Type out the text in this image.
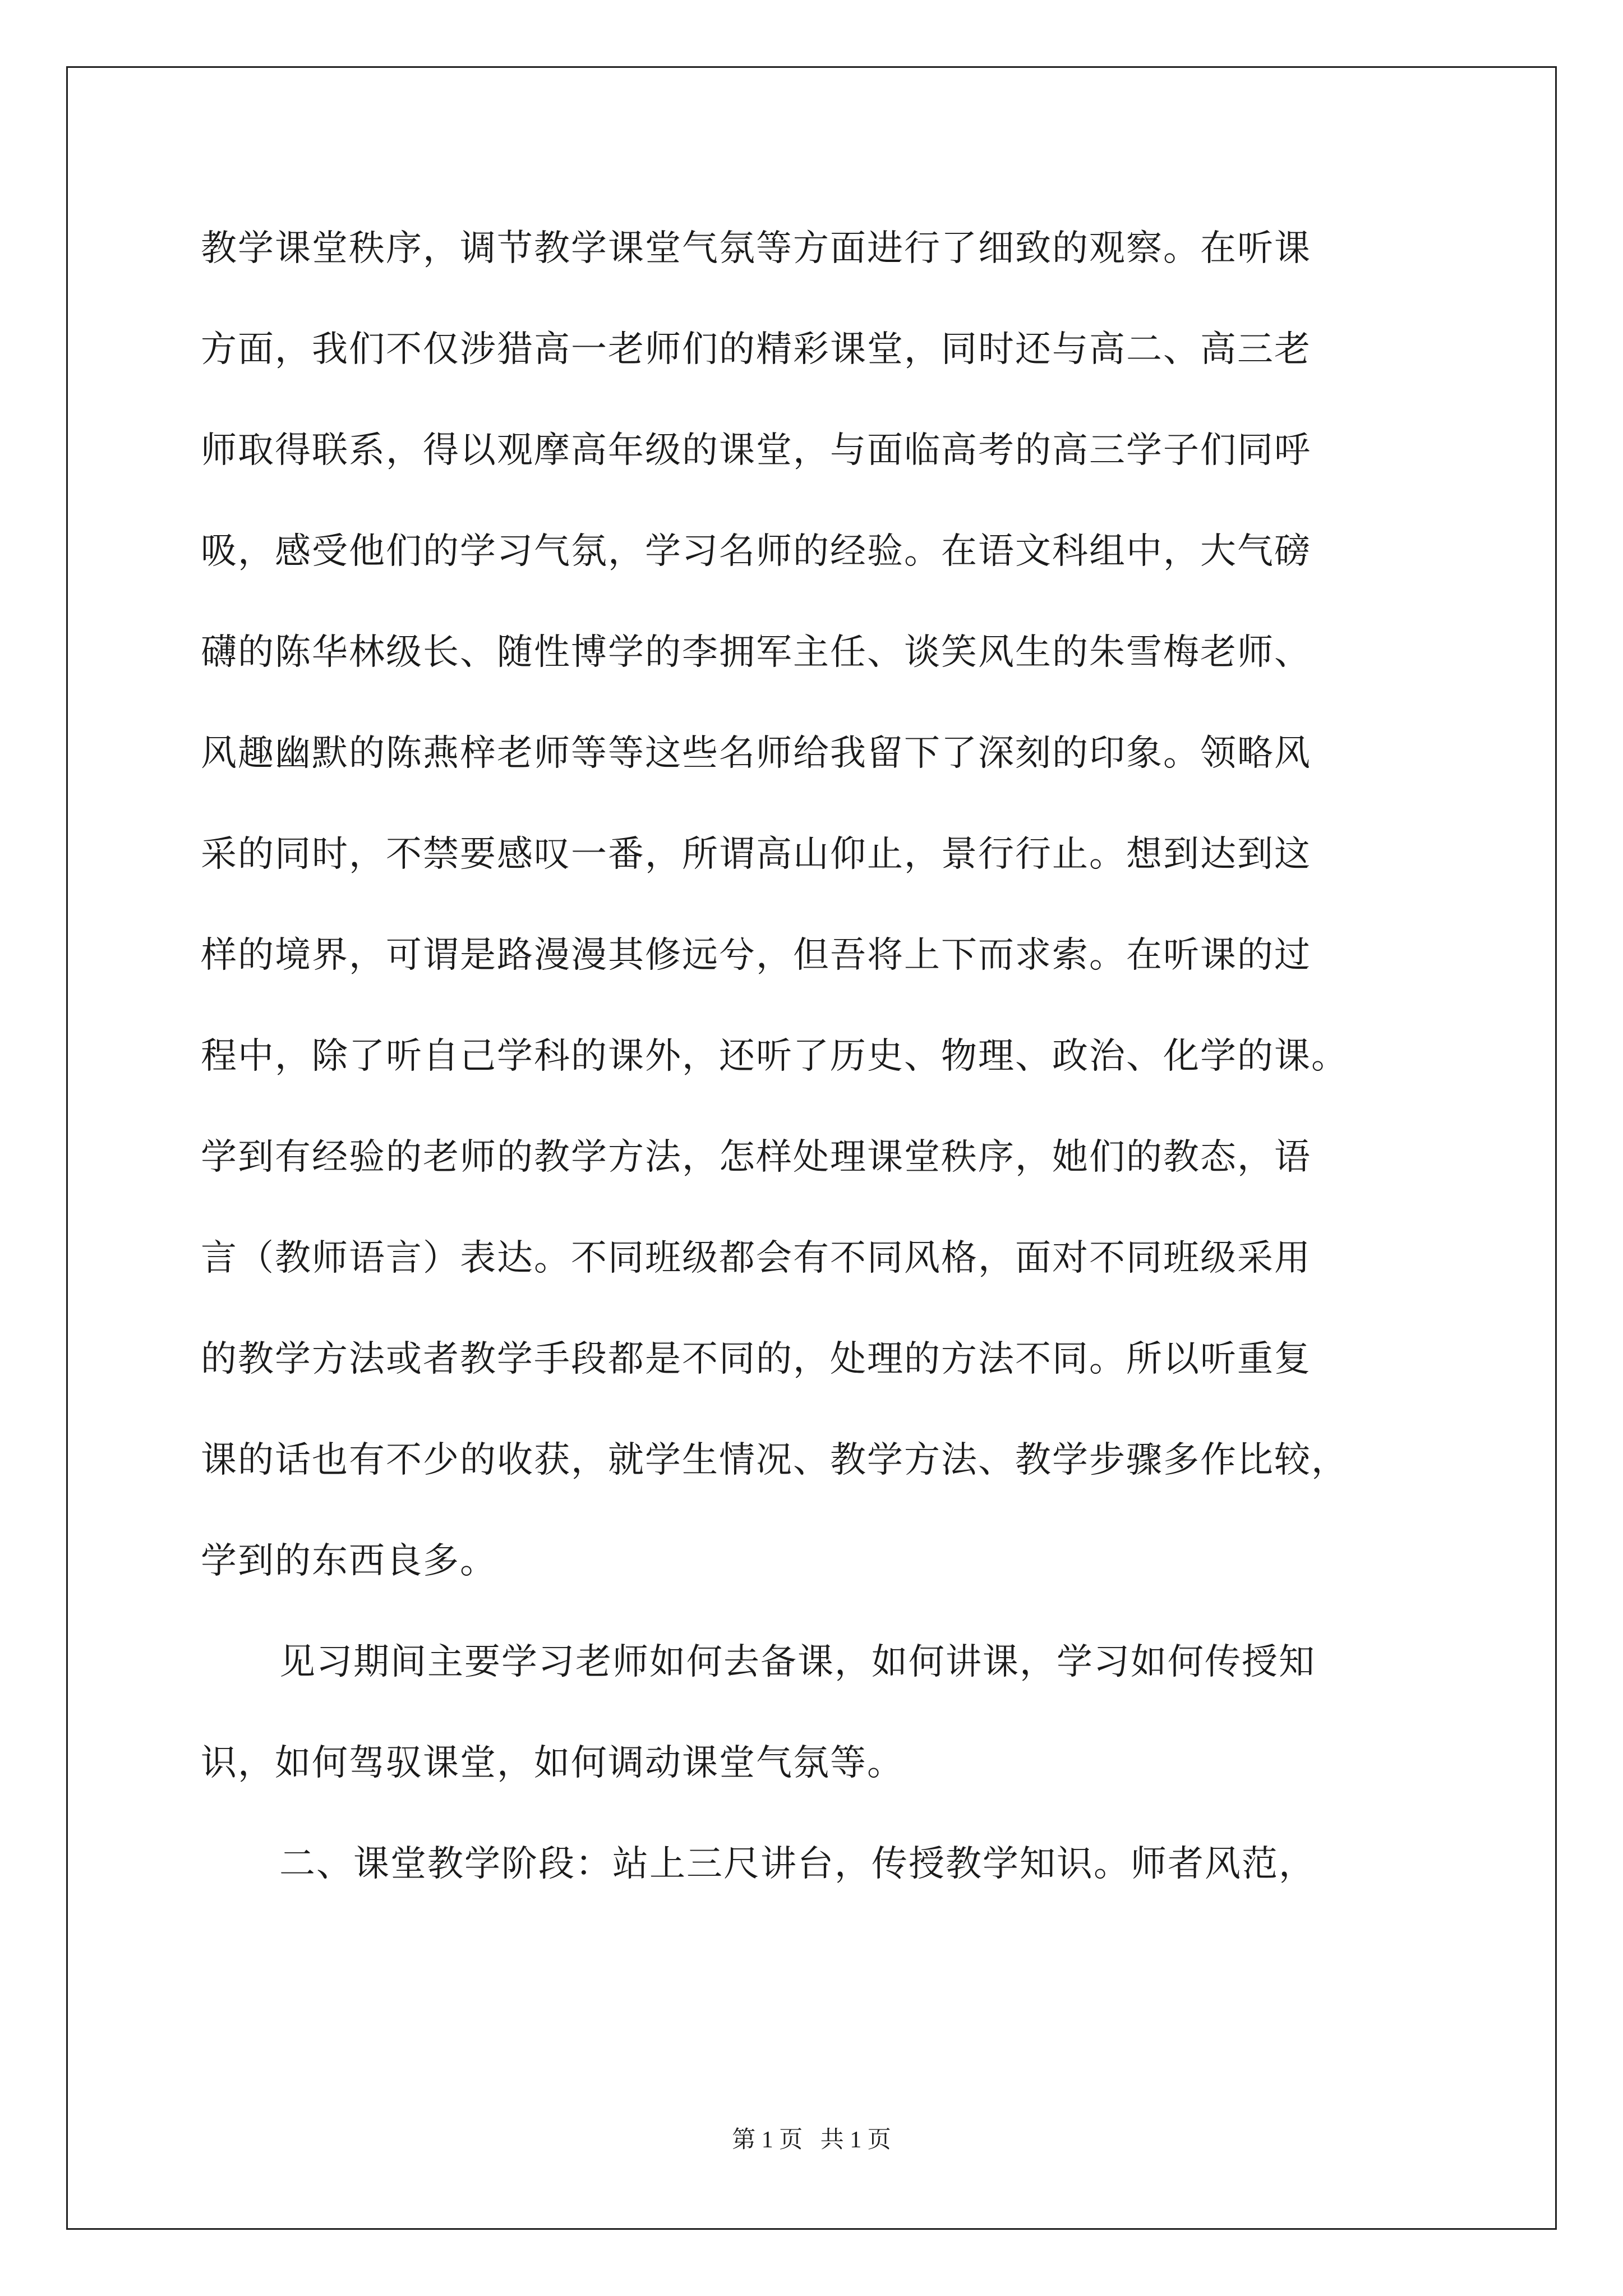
教学课堂秩序，调节教学课堂气氛等方面进行了细致的观察。在听课
方面，我们不仅涉猎高一老师们的精彩课堂，同时还与高二、高三老
师取得联系，得以观摩高年级的课堂，与面临高考的高三学子们同呼
吸，感受他们的学习气氛，学习名师的经验。在语文科组中，大气磅
礴的陈华林级长、随性博学的李拥军主任、谈笑风生的朱雪梅老师、
风趣幽默的陈燕梓老师等等这些名师给我留下了深刻的印象。领略风
采的同时，不禁要感叹一番，所谓高山仰止，景行行止。想到达到这
样的境界，可谓是路漫漫其修远兮，但吾将上下而求索。在听课的过
程中，除了听自己学科的课外，还听了历史、物理、政治、化学的课。
学到有经验的老师的教学方法，怎样处理课堂秩序，她们的教态，语
言（教师语言）表达。不同班级都会有不同风格，面对不同班级采用
的教学方法或者教学手段都是不同的，处理的方法不同。所以听重复
课的话也有不少的收获，就学生情况、教学方法、教学步骤多作比较，
学到的东西良多。
见习期间主要学习老师如何去备课，如何讲课，学习如何传授知
识，如何驾驭课堂，如何调动课堂气氛等。
二、课堂教学阶段：站上三尺讲台，传授教学知识。师者风范，
第 1 页   共 1 页
